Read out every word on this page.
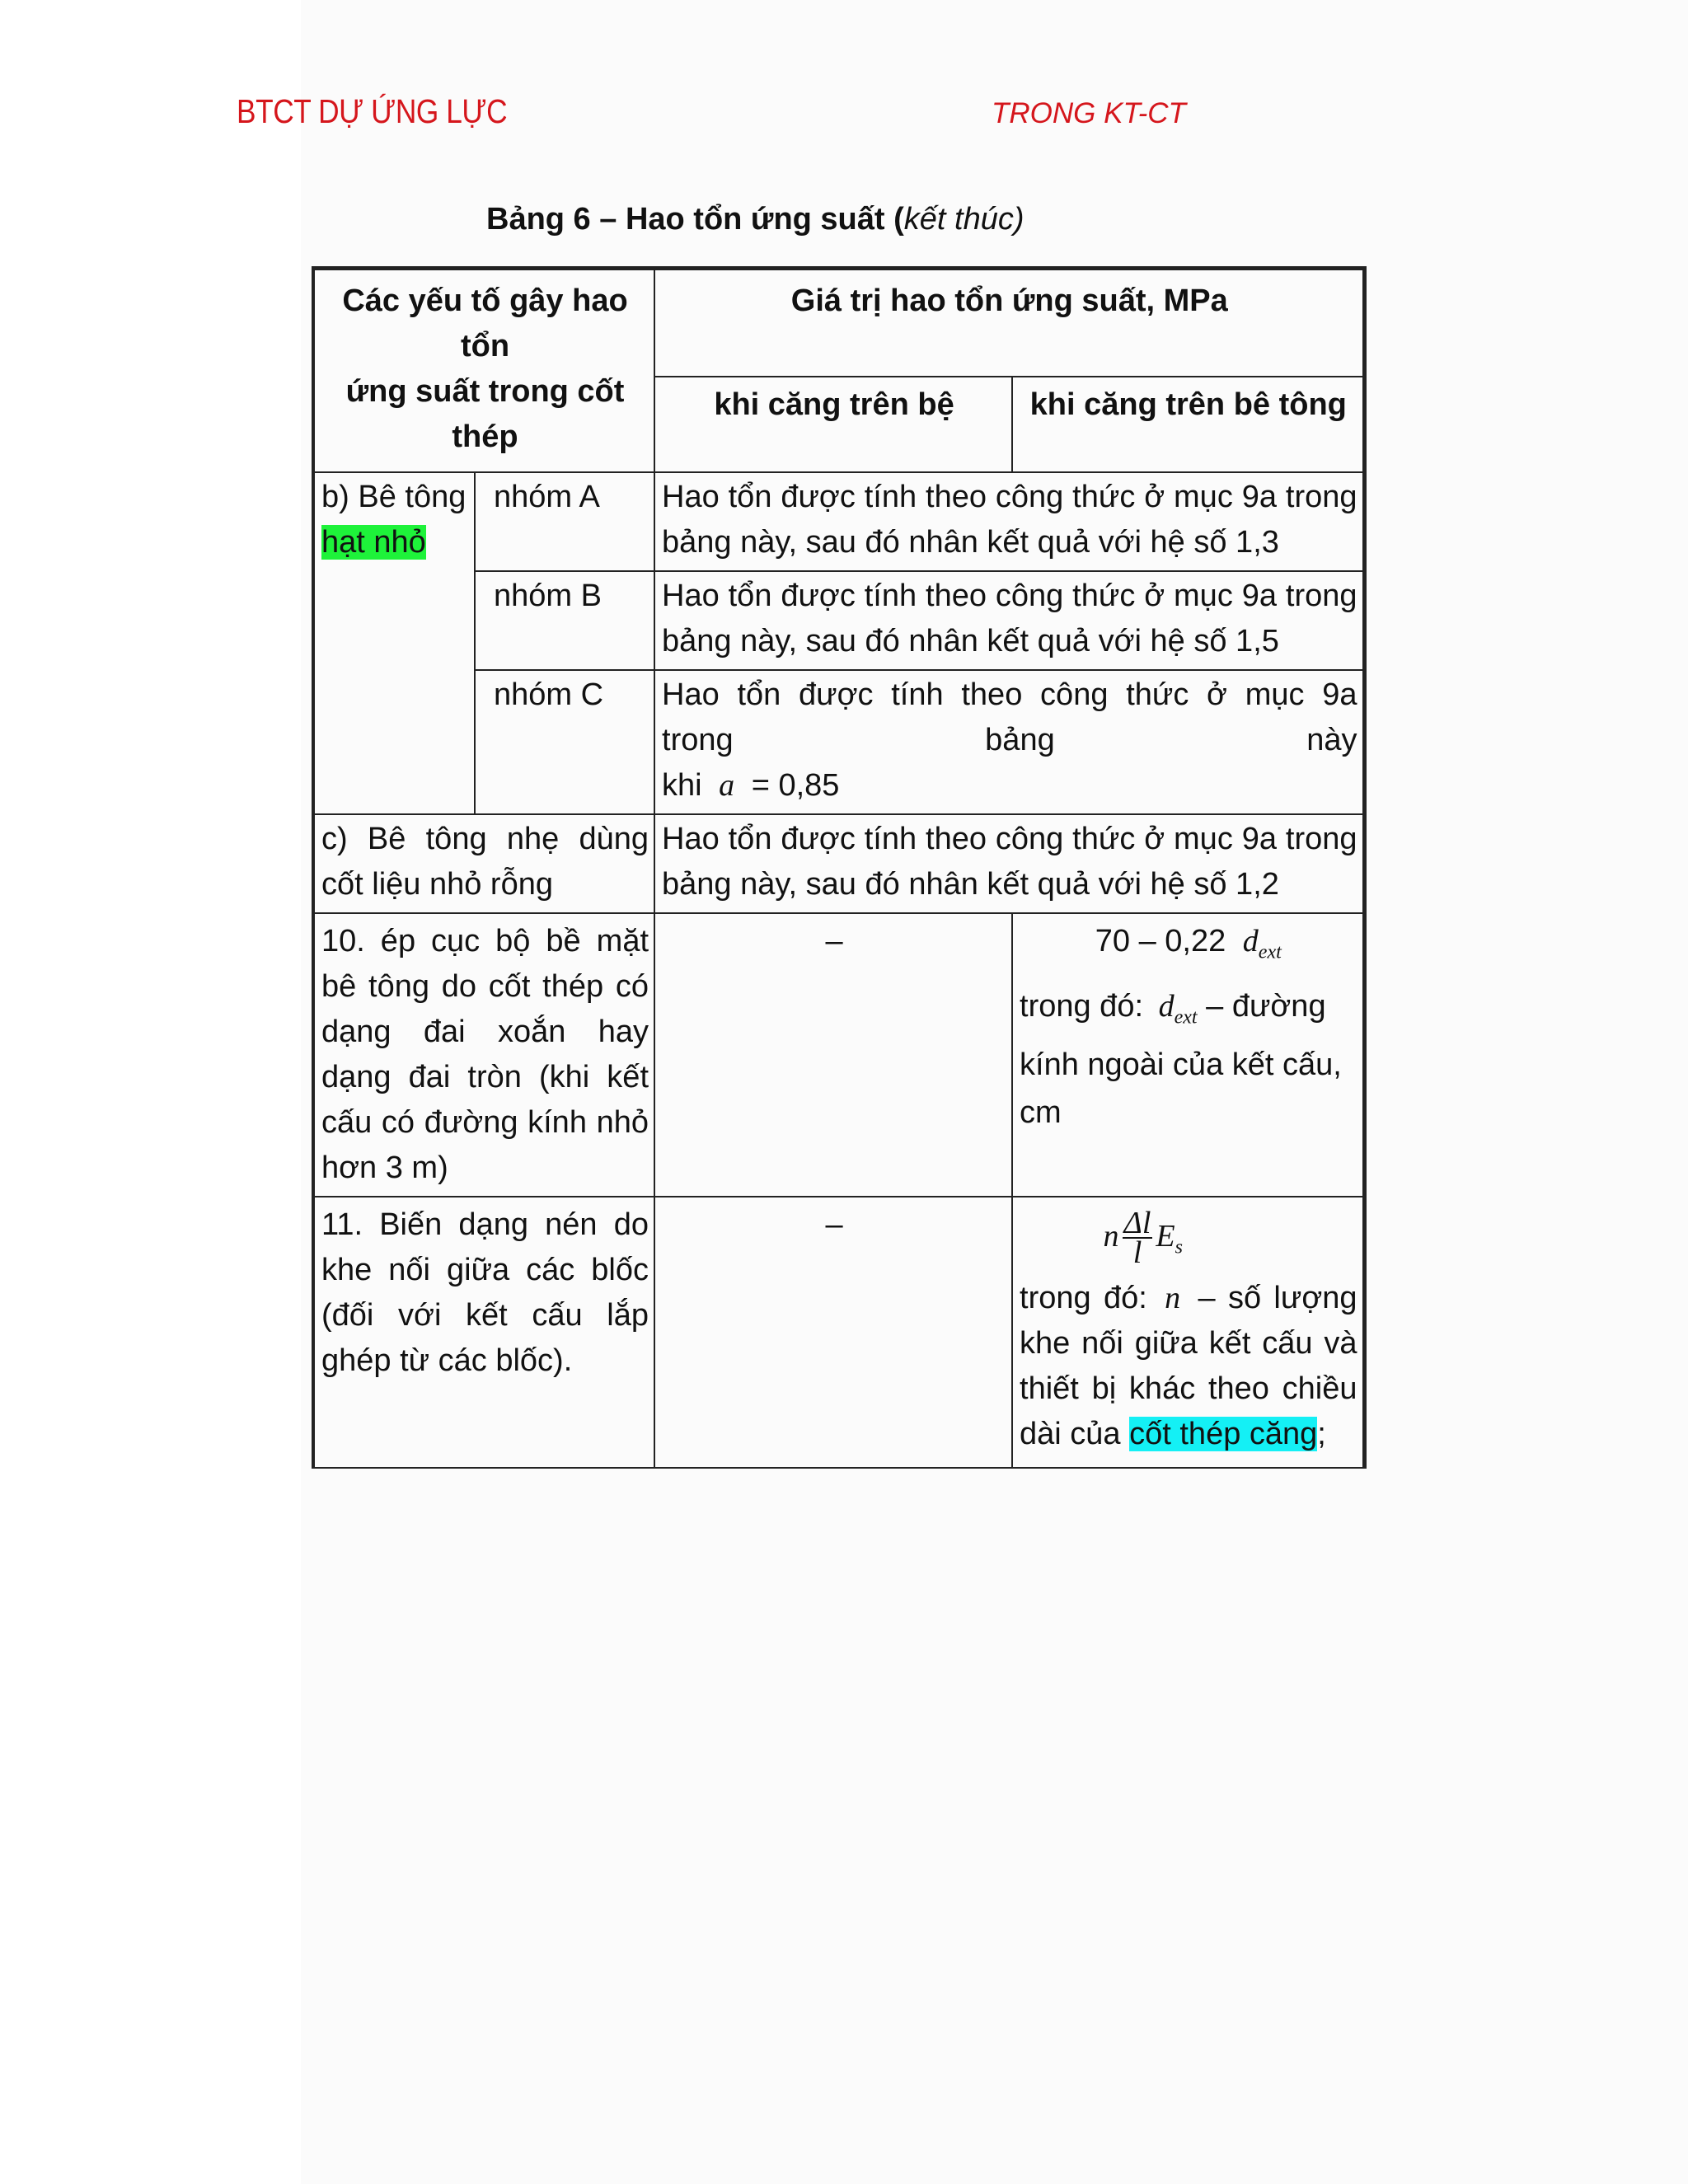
BTCT DỰ ỨNG LỰC	TRONG KT-CT
Bảng 6 – Hao tổn ứng suất (kết thúc)
Các yếu tố gây hao
tổn
ứng suất trong cốt
thép		Giá trị hao tổn ứng suất, MPa	
		khi căng trên bệ	khi căng trên bê tông
b) Bê tông hạt nhỏ	nhóm A	Hao tổn được tính theo công thức ở mục 9a trong bảng này, sau đó nhân kết quả với hệ số 1,3	
	nhóm B	Hao tổn được tính theo công thức ở mục 9a trong bảng này, sau đó nhân kết quả với hệ số 1,5	
	nhóm C	Hao tổn được tính theo công thức ở mục 9a
trong bảng này
khi a = 0,85	

c) Bê tông nhẹ dùng cốt liệu nhỏ rỗng		Hao tổn được tính theo công thức ở mục 9a trong bảng này, sau đó nhân kết quả với hệ số 1,2	
10. ép cục bộ bề mặt bê tông do cốt thép có dạng đai xoắn hay dạng đai tròn (khi kết cấu có đường kính nhỏ hơn 3 m)		–	70 – 0,22 $d_{ext}$
trong đó: $d_{ext}$ – đường kính ngoài của kết cấu, cm

11. Biến dạng nén do khe nối giữa các blốc (đối với kết cấu lắp ghép từ các blốc).		–	n $\frac{\Delta l}{l} E_s$
trong đó: n – số lượng khe nối giữa kết cấu và thiết bị khác theo chiều dài của cốt thép căng;
